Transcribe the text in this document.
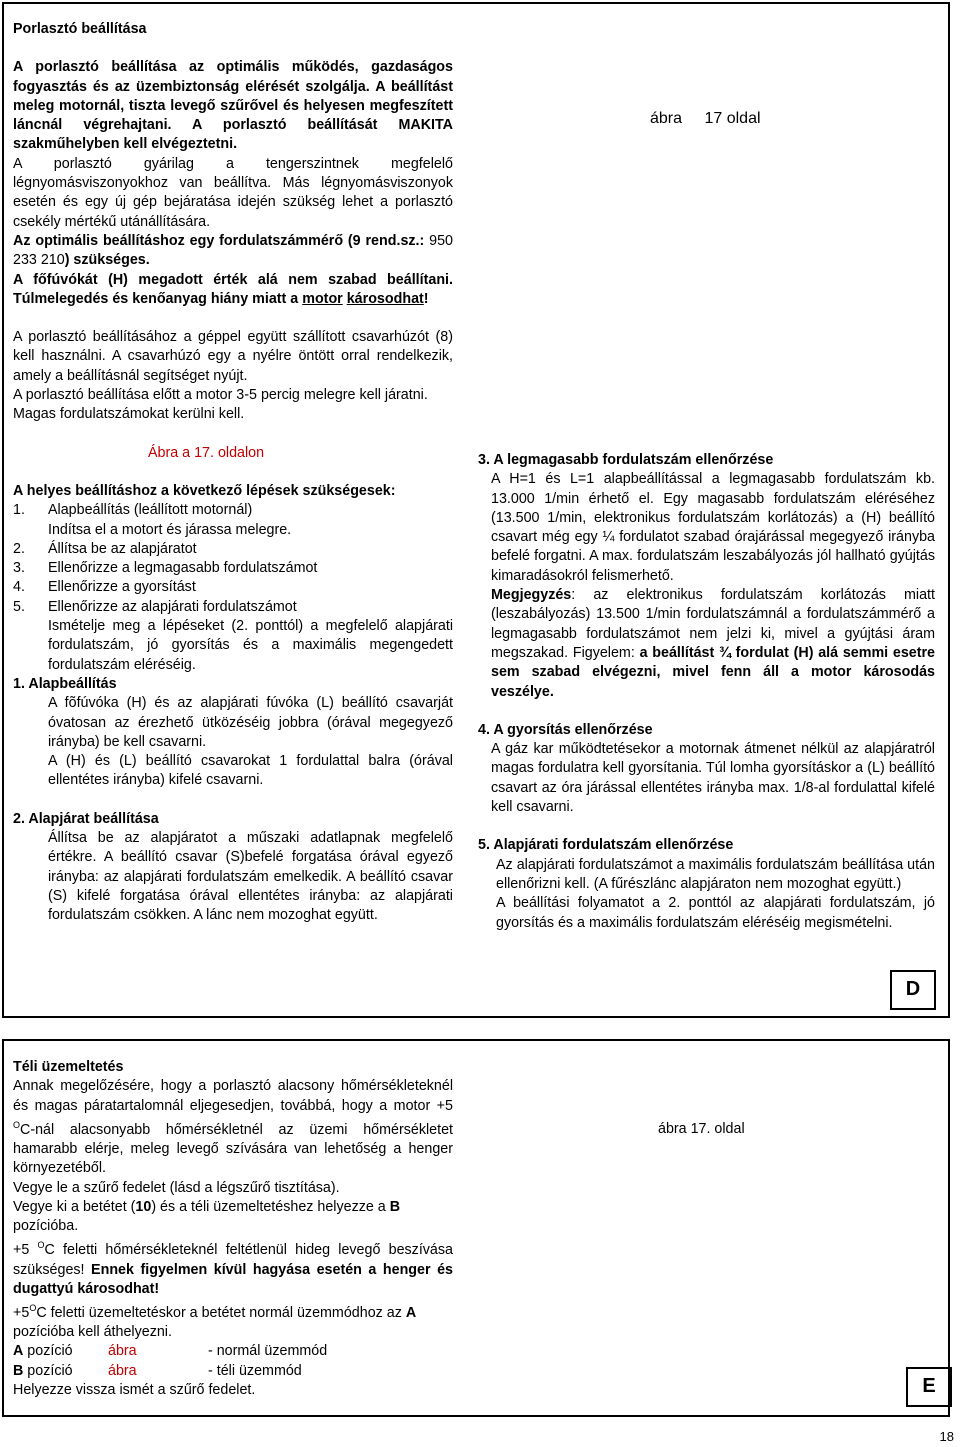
Porlasztó beállítása

A porlasztó beállítása az optimális működés, gazdaságos fogyasztás és az üzembiztonság elérését szolgálja. A beállítást meleg motornál, tiszta levegő szűrővel és helyesen megfeszített láncnál végrehajtani. A porlasztó beállítását MAKITA szakműhelyben kell elvégeztetni.

A porlasztó gyárilag a tengerszintnek megfelelő légnyomásviszonyokhoz van beállítva. Más légnyomásviszonyok esetén és egy új gép bejáratása idején szükség lehet a porlasztó csekély mértékű utánállítására.

Az optimális beállításhoz egy fordulatszámmérő (9 rend.sz.: 950 233 210) szükséges.

A főfúvókát (H) megadott érték alá nem szabad beállítani. Túlmelegedés és kenőanyag hiány miatt a motor károsodhat!

A porlasztó beállításához a géppel együtt szállított csavarhúzót (8) kell használni. A csavarhúzó egy a nyélre öntött orral rendelkezik, amely a beállításnál segítséget nyújt.

A porlasztó beállítása előtt a motor 3-5 percig melegre kell járatni. Magas fordulatszámokat kerülni kell.

Ábra a 17. oldalon

A helyes beállításhoz a következő lépések szükségesek:

1.	Alapbeállítás (leállított motornál)
Indítsa el a motort és járassa melegre.
2.	Állítsa be az alapjáratot
3.	Ellenőrizze a legmagasabb fordulatszámot
4.	Ellenőrizze a gyorsítást
5.	Ellenőrizze az alapjárati fordulatszámot
Ismételje meg a lépéseket (2. ponttól) a megfelelő alapjárati fordulatszám, jó gyorsítás és a maximális megengedett fordulatszám eléréséig.

1. Alapbeállítás

A fõfúvóka (H) és az alapjárati fúvóka (L) beállító csavarját óvatosan az érezhető ütközéséig jobbra (órával megegyező irányba) be kell csavarni.

A (H) és (L) beállító csavarokat 1 fordulattal balra (órával ellentétes irányba) kifelé csavarni.

2. Alapjárat beállítása

Állítsa be az alapjáratot a műszaki adatlapnak megfelelő értékre. A beállító csavar (S)befelé forgatása órával egyező irányba: az alapjárati fordulatszám emelkedik. A beállító csavar (S) kifelé forgatása órával ellentétes irányba: az alapjárati fordulatszám csökken. A lánc nem mozoghat együtt.

ábra 17 oldal

3. A legmagasabb fordulatszám ellenőrzése

A H=1 és L=1 alapbeállítással a legmagasabb fordulatszám kb. 13.000 1/min érhető el. Egy magasabb fordulatszám eléréséhez (13.500 1/min, elektronikus fordulatszám korlátozás) a (H) beállító csavart még egy ¼ fordulatot szabad órajárással megegyező irányba befelé forgatni. A max. fordulatszám leszabályozás jól hallható gyújtás kimaradásokról felismerhető.

Megjegyzés: az elektronikus fordulatszám korlátozás miatt (leszabályozás) 13.500 1/min fordulatszámnál a fordulatszámmérő a legmagasabb fordulatszámot nem jelzi ki, mivel a gyújtási áram megszakad. Figyelem: a beállítást ¾ fordulat (H) alá semmi esetre sem szabad elvégezni, mivel fenn áll a motor károsodás veszélye.

4. A gyorsítás ellenőrzése

A gáz kar működtetésekor a motornak átmenet nélkül az alapjáratról magas fordulatra kell gyorsítania. Túl lomha gyorsításkor a (L) beállító csavart az óra járással ellentétes irányba max. 1/8-al fordulattal kifelé kell csavarni.

5. Alapjárati fordulatszám ellenőrzése

Az alapjárati fordulatszámot a maximális fordulatszám beállítása után ellenőrizni kell. (A fűrészlánc alapjáraton nem mozoghat együtt.)

A beállítási folyamatot a 2. ponttól az alapjárati fordulatszám, jó gyorsítás és a maximális fordulatszám eléréséig megismételni.

D

Téli üzemeltetés

Annak megelőzésére, hogy a porlasztó alacsony hőmérsékleteknél és magas páratartalomnál eljegesedjen, továbbá, hogy a motor +5 $^O$C-nál alacsonyabb hőmérsékletnél az üzemi hőmérsékletet hamarabb elérje, meleg levegő szívására van lehetőség a henger környezetéből.

Vegye le a szűrő fedelet (lásd a légszűrő tisztítása).

Vegye ki a betétet (10) és a téli üzemeltetéshez helyezze a B pozícióba.

+5 $^O$C feletti hőmérsékleteknél feltétlenül hideg levegő beszívása szükséges! Ennek figyelmen kívül hagyása esetén a henger és dugattyú károsodhat!

$+5^OC$ feletti üzemeltetéskor a betétet normál üzemmódhoz az A pozícióba kell áthelyezni.

A pozíció	ábra	- normál üzemmód
B pozíció	ábra	- téli üzemmód

Helyezze vissza ismét a szűrő fedelet.

ábra 17. oldal
E
18
